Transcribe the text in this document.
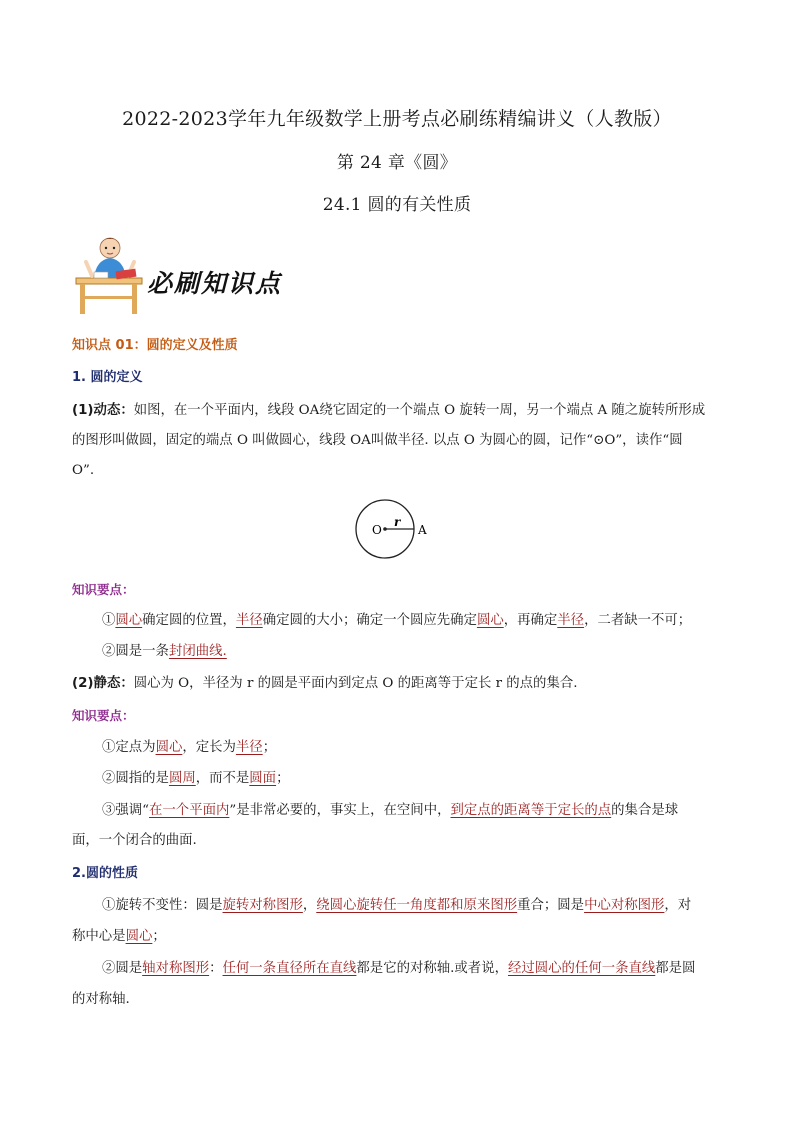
2022-2023学年九年级数学上册考点必刷练精编讲义（人教版）
第 24 章《圆》
24.1 圆的有关性质
必刷知识点
知识点 01：圆的定义及性质
1. 圆的定义
(1)动态：如图，在一个平面内，线段 OA绕它固定的一个端点 O 旋转一周，另一个端点 A 随之旋转所形成
的图形叫做圆，固定的端点 O 叫做圆心，线段 OA叫做半径. 以点 O 为圆心的圆，记作“⊙O”，读作“圆
O”.
O
r
A
知识要点：
①圆心确定圆的位置，半径确定圆的大小；确定一个圆应先确定圆心，再确定半径，二者缺一不可；
②圆是一条封闭曲线.
(2)静态：圆心为 O，半径为 r 的圆是平面内到定点 O 的距离等于定长 r 的点的集合.
知识要点：
①定点为圆心，定长为半径；
②圆指的是圆周，而不是圆面；
③强调“在一个平面内”是非常必要的，事实上，在空间中，到定点的距离等于定长的点的集合是球
面，一个闭合的曲面.
2.圆的性质
①旋转不变性：圆是旋转对称图形，绕圆心旋转任一角度都和原来图形重合；圆是中心对称图形，对
称中心是圆心；
②圆是轴对称图形：任何一条直径所在直线都是它的对称轴.或者说，经过圆心的任何一条直线都是圆
的对称轴.
